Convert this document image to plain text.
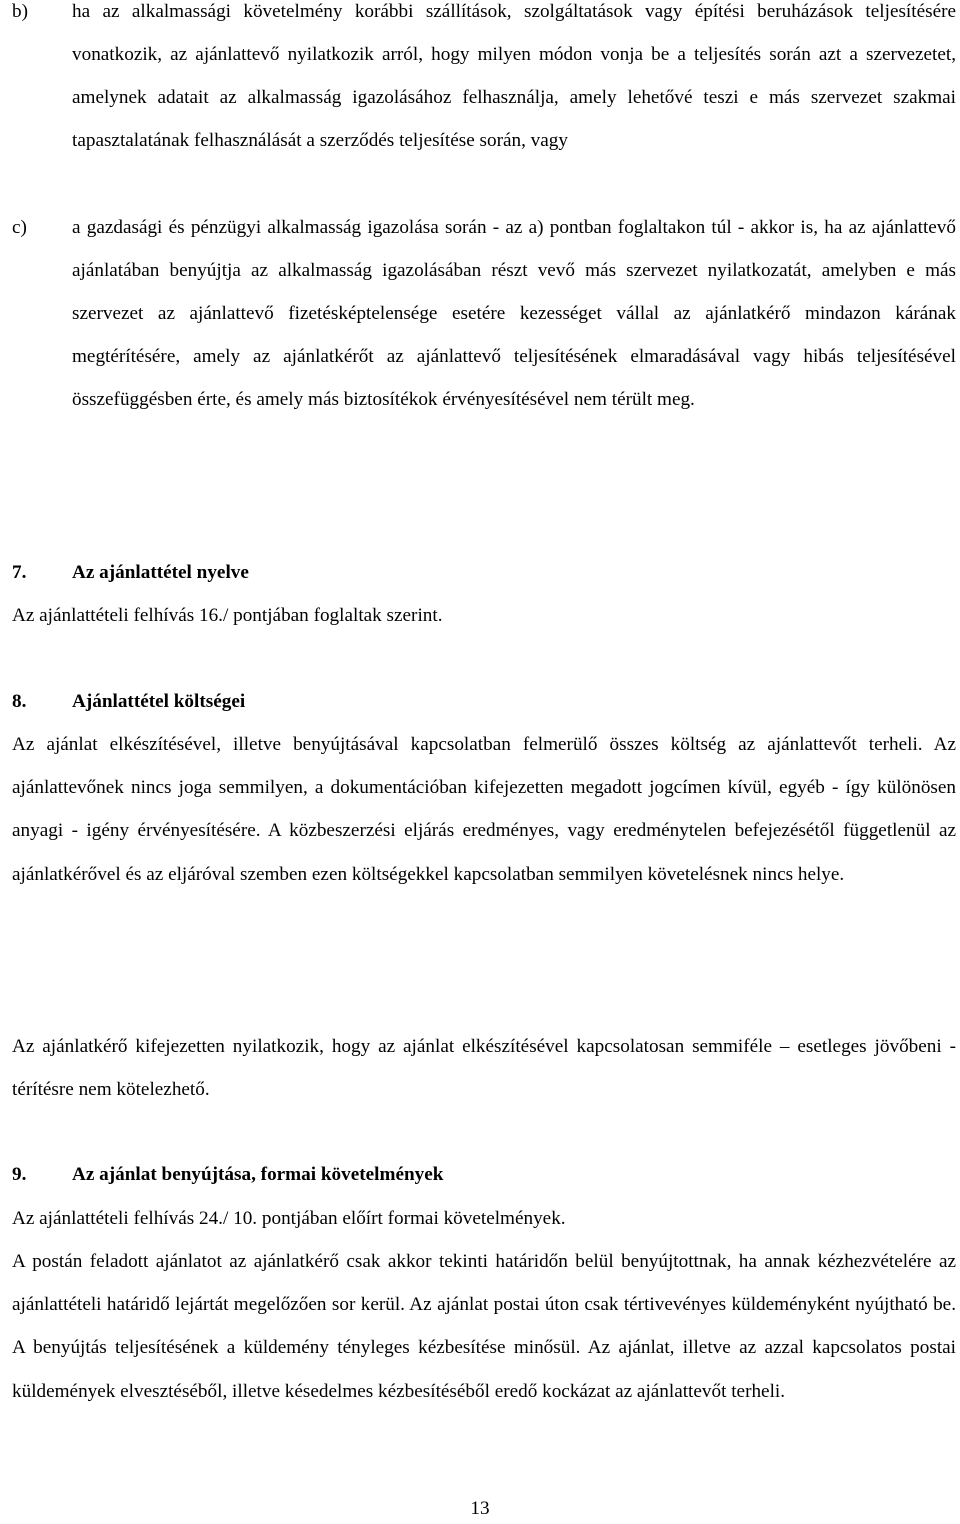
b)	ha az alkalmassági követelmény korábbi szállítások, szolgáltatások vagy építési beruházások teljesítésére vonatkozik, az ajánlattevő nyilatkozik arról, hogy milyen módon vonja be a teljesítés során azt a szervezetet, amelynek adatait az alkalmasság igazolásához felhasználja, amely lehetővé teszi e más szervezet szakmai tapasztalatának felhasználását a szerződés teljesítése során, vagy

c)	a gazdasági és pénzügyi alkalmasság igazolása során - az a) pontban foglaltakon túl - akkor is, ha az ajánlattevő ajánlatában benyújtja az alkalmasság igazolásában részt vevő más szervezet nyilatkozatát, amelyben e más szervezet az ajánlattevő fizetésképtelensége esetére kezességet vállal az ajánlatkérő mindazon kárának megtérítésére, amely az ajánlatkérőt az ajánlattevő teljesítésének elmaradásával vagy hibás teljesítésével összefüggésben érte, és amely más biztosítékok érvényesítésével nem térült meg.

7.	Az ajánlattétel nyelve

Az ajánlattételi felhívás 16./ pontjában foglaltak szerint.

8.	Ajánlattétel költségei

Az ajánlat elkészítésével, illetve benyújtásával kapcsolatban felmerülő összes költség az ajánlattevőt terheli. Az ajánlattevőnek nincs joga semmilyen, a dokumentációban kifejezetten megadott jogcímen kívül, egyéb - így különösen anyagi - igény érvényesítésére. A közbeszerzési eljárás eredményes, vagy eredménytelen befejezésétől függetlenül az ajánlatkérővel és az eljáróval szemben ezen költségekkel kapcsolatban semmilyen követelésnek nincs helye.

Az ajánlatkérő kifejezetten nyilatkozik, hogy az ajánlat elkészítésével kapcsolatosan semmiféle – esetleges jövőbeni - térítésre nem kötelezhető.

9.	Az ajánlat benyújtása, formai követelmények

Az ajánlattételi felhívás 24./ 10. pontjában előírt formai követelmények.

A postán feladott ajánlatot az ajánlatkérő csak akkor tekinti határidőn belül benyújtottnak, ha annak kézhezvételére az ajánlattételi határidő lejártát megelőzően sor kerül. Az ajánlat postai úton csak tértivevényes küldeményként nyújtható be. A benyújtás teljesítésének a küldemény tényleges kézbesítése minősül. Az ajánlat, illetve az azzal kapcsolatos postai küldemények elvesztéséből, illetve késedelmes kézbesítéséből eredő kockázat az ajánlattevőt terheli.

13
